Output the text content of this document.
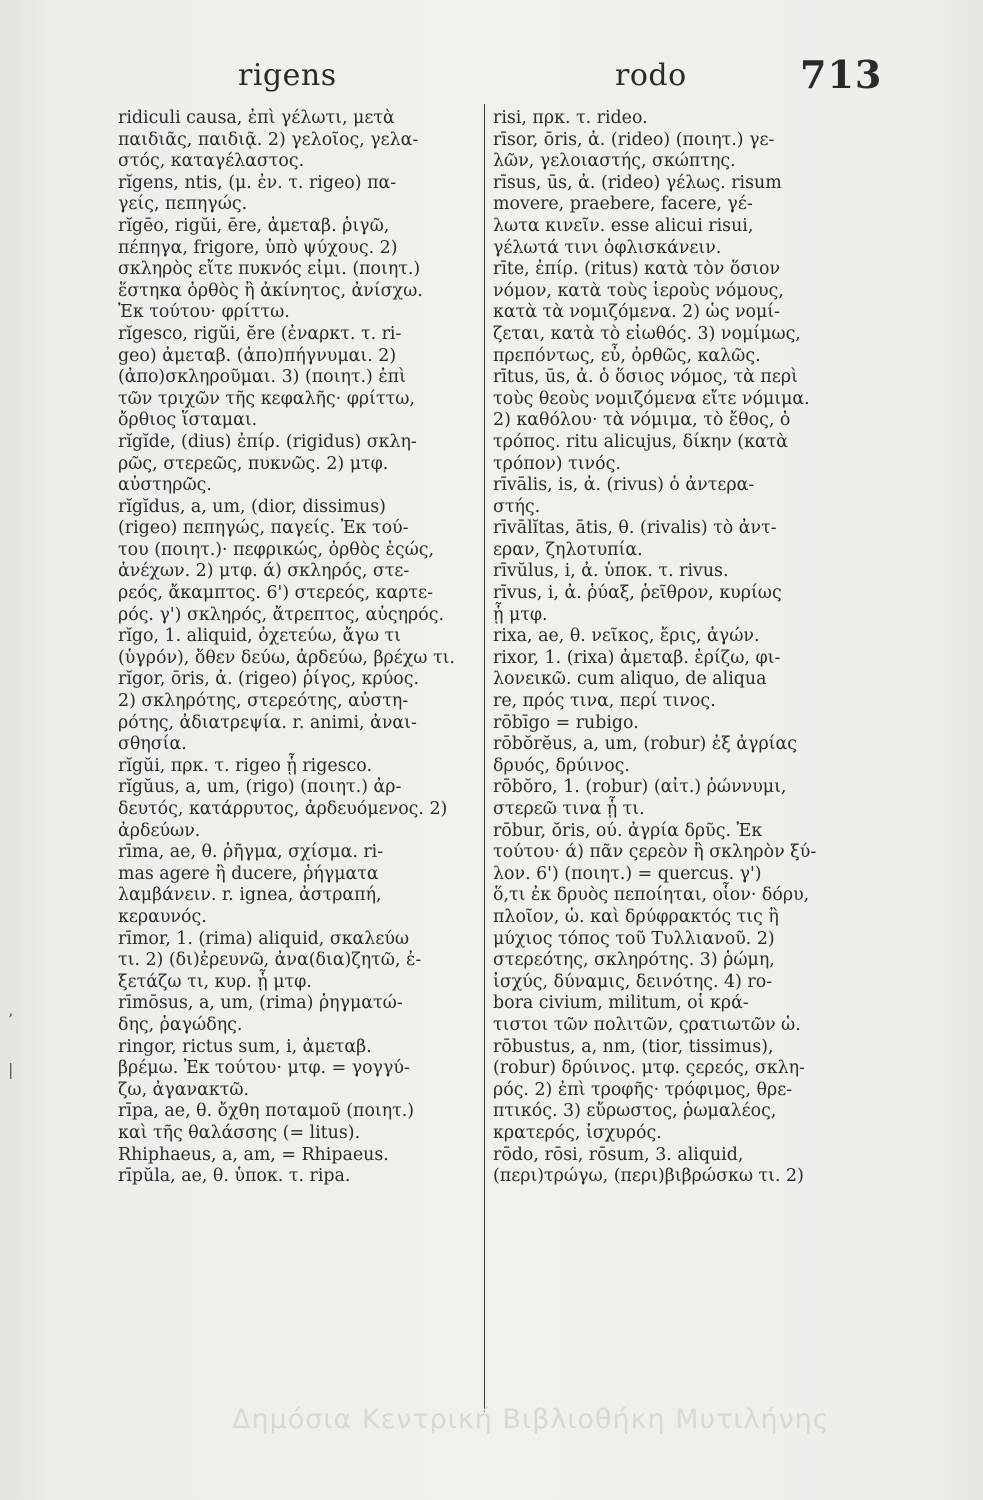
rigens	rodo	713
ridiculi causa, ἐπὶ γέλωτι, μετὰ
παιδιᾶς, παιδιᾷ. 2) γελοῖος, γελα-
στός, καταγέλαστος.
rĭgens, ntis, (μ. ἐν. τ. rigeo) πα-
γείς, πεπηγώς.
rĭgēo, rigŭi, ēre, ἀμεταβ. ῥιγῶ,
πέπηγα, frigore, ὑπὸ ψύχους. 2)
σκληρὸς εἴτε πυκνός εἰμι. (ποιητ.)
ἕστηκα ὀρθὸς ἢ ἀκίνητος, ἀνίσχω.
Ἐκ τούτου· φρίττω.
rĭgesco, rigŭi, ĕre (ἐναρκτ. τ. ri-
geo) ἀμεταβ. (ἀπο)πήγνυμαι. 2)
(ἀπο)σκληροῦμαι. 3) (ποιητ.) ἐπὶ
τῶν τριχῶν τῆς κεφαλῆς· φρίττω,
ὄρθιος ἵσταμαι.
rĭgĭde, (dius) ἐπίρ. (rigidus) σκλη-
ρῶς, στερεῶς, πυκνῶς. 2) μτφ.
αὐστηρῶς.
rĭgĭdus, a, um, (dior, dissimus)
(rigeo) πεπηγώς, παγείς. Ἐκ τού-
του (ποιητ.)· πεφρικώς, ὀρθὸς ἑςώς,
ἀνέχων. 2) μτφ. ά) σκληρός, στε-
ρεός, ἄκαμπτος. 6') στερεός, καρτε-
ρός. γ') σκληρός, ἄτρεπτος, αὐςηρός.
rĭgo, 1. aliquid, ὀχετεύω, ἄγω τι
(ὑγρόν), ὅθεν δεύω, ἀρδεύω, βρέχω τι.
rĭgor, ōris, ἀ. (rigeo) ῥίγος, κρύος.
2) σκληρότης, στερεότης, αὐστη-
ρότης, ἀδιατρεψία. r. animi, ἀναι-
σθησία.
rĭgŭi, πρκ. τ. rigeo ᾗ rigesco.
rĭgŭus, a, um, (rigo) (ποιητ.) ἀρ-
δευτός, κατάρρυτος, ἀρδευόμενος. 2)
ἀρδεύων.
rīma, ae, θ. ῥῆγμα, σχίσμα. ri-
mas agere ἢ ducere, ῥήγματα
λαμβάνειν. r. ignea, ἀστραπή,
κεραυνός.
rīmor, 1. (rima) aliquid, σκαλεύω
τι. 2) (δι)ἐρευνῶ, ἀνα(δια)ζητῶ, ἐ-
ξετάζω τι, κυρ. ᾗ μτφ.
rīmōsus, a, um, (rima) ῥηγματώ-
δης, ῥαγώδης.
ringor, rictus sum, i, ἀμεταβ.
βρέμω. Ἐκ τούτου· μτφ. = γογγύ-
ζω, ἀγανακτῶ.
rīpa, ae, θ. ὄχθη ποταμοῦ (ποιητ.)
καὶ τῆς θαλάσσης (= litus).
Rhiphaeus, a, am, = Rhipaeus.
rīpŭla, ae, θ. ὑποκ. τ. ripa.
risi, πρκ. τ. rideo.
rīsor, ōris, ἀ. (rideo) (ποιητ.) γε-
λῶν, γελοιαστής, σκώπτης.
rīsus, ūs, ἀ. (rideo) γέλως. risum
movere, praebere, facere, γέ-
λωτα κινεῖν. esse alicui risui,
γέλωτά τινι ὀφλισκάνειν.
rīte, ἐπίρ. (ritus) κατὰ τὸν ὅσιον
νόμον, κατὰ τοὺς ἱεροὺς νόμους,
κατὰ τὰ νομιζόμενα. 2) ὡς νομί-
ζεται, κατὰ τὸ εἰωθός. 3) νομίμως,
πρεπόντως, εὖ, ὀρθῶς, καλῶς.
rītus, ūs, ἀ. ὁ ὅσιος νόμος, τὰ περὶ
τοὺς θεοὺς νομιζόμενα εἴτε νόμιμα.
2) καθόλου· τὰ νόμιμα, τὸ ἔθος, ὁ
τρόπος. ritu alicujus, δίκην (κατὰ
τρόπον) τινός.
rīvālis, is, ἀ. (rivus) ὁ ἀντερα-
στής.
rīvālĭtas, ātis, θ. (rivalis) τὸ ἀντ-
εραν, ζηλοτυπία.
rīvŭlus, i, ἀ. ὑποκ. τ. rivus.
rīvus, i, ἀ. ῥύαξ, ῥεῖθρον, κυρίως
ᾗ μτφ.
rixa, ae, θ. νεῖκος, ἔρις, ἀγών.
rixor, 1. (rixa) ἀμεταβ. ἐρίζω, φι-
λονεικῶ. cum aliquo, de aliqua
re, πρός τινα, περί τινος.
rōbīgo = rubigo.
rōbŏrĕus, a, um, (robur) ἐξ ἀγρίας
δρυός, δρύινος.
rōbŏro, 1. (robur) (αἰτ.) ῥώννυμι,
στερεῶ τινα ᾗ τι.
rōbur, ŏris, ού. ἀγρία δρῦς. Ἐκ
τούτου· ά) πᾶν ςερεὸν ἢ σκληρὸν ξύ-
λον. 6') (ποιητ.) = quercus. γ')
ὅ,τι ἐκ δρυὸς πεποίηται, οἷον· δόρυ,
πλοῖον, ὡ. καὶ δρύφρακτός τις ἢ
μύχιος τόπος τοῦ Τυλλιανοῦ. 2)
στερεότης, σκληρότης. 3) ῥώμη,
ἰσχύς, δύναμις, δεινότης. 4) ro-
bora civium, militum, οἱ κρά-
τιστοι τῶν πολιτῶν, ςρατιωτῶν ὡ.
rōbustus, a, nm, (tior, tissimus),
(robur) δρύινος. μτφ. ςερεός, σκλη-
ρός. 2) ἐπὶ τροφῆς· τρόφιμος, θρε-
πτικός. 3) εὔρωστος, ῥωμαλέος,
κρατερός, ἰσχυρός.
rōdo, rōsi, rōsum, 3. aliquid,
(περι)τρώγω, (περι)βιβρώσκω τι. 2)
’
|
Δημόσια Κεντρική Βιβλιοθήκη Μυτιλήνης
